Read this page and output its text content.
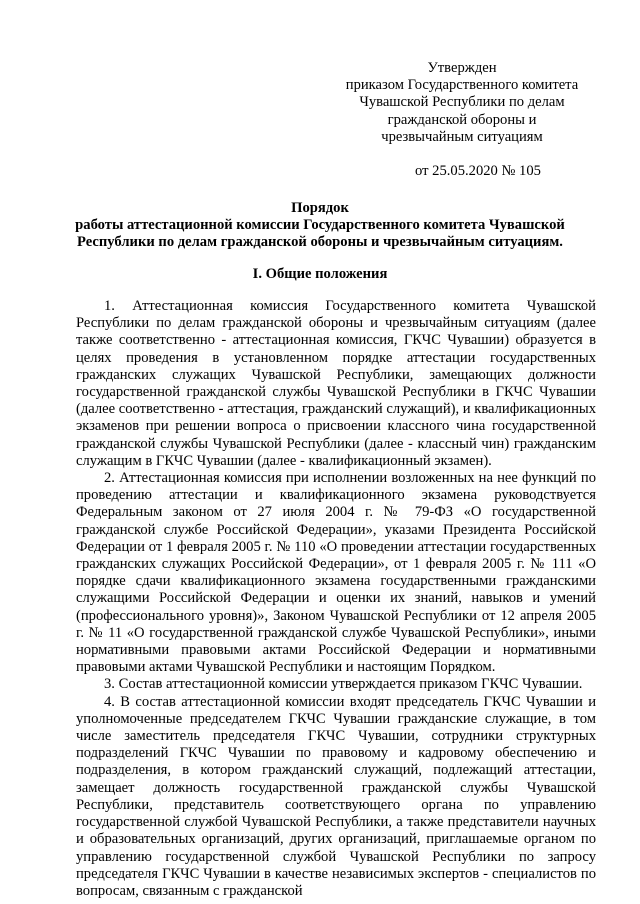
Утвержден
приказом Государственного комитета
Чувашской Республики по делам
гражданской обороны и
чрезвычайным ситуациям
от 25.05.2020 № 105
Порядок
работы аттестационной комиссии Государственного комитета Чувашской
Республики по делам гражданской обороны и чрезвычайным ситуациям.
I. Общие положения

1. Аттестационная комиссия Государственного комитета Чувашской Республики по делам гражданской обороны и чрезвычайным ситуациям (далее также соответственно - аттестационная комиссия, ГКЧС Чувашии) образуется в целях проведения в установленном порядке аттестации государственных гражданских служащих Чувашской Республики, замещающих должности государственной гражданской службы Чувашской Республики в ГКЧС Чувашии (далее соответственно - аттестация, гражданский служащий), и квалификационных экзаменов при решении вопроса о присвоении классного чина государственной гражданской службы Чувашской Республики (далее - классный чин) гражданским служащим в ГКЧС Чувашии (далее - квалификационный экзамен).

2. Аттестационная комиссия при исполнении возложенных на нее функций по проведению аттестации и квалификационного экзамена руководствуется Федеральным законом от 27 июля 2004 г. № 79-ФЗ «О государственной гражданской службе Российской Федерации», указами Президента Российской Федерации от 1 февраля 2005 г. № 110 «О проведении аттестации государственных гражданских служащих Российской Федерации», от 1 февраля 2005 г. № 111 «О порядке сдачи квалификационного экзамена государственными гражданскими служащими Российской Федерации и оценки их знаний, навыков и умений (профессионального уровня)», Законом Чувашской Республики от 12 апреля 2005 г. № 11 «О государственной гражданской службе Чувашской Республики», иными нормативными правовыми актами Российской Федерации и нормативными правовыми актами Чувашской Республики и настоящим Порядком.

3. Состав аттестационной комиссии утверждается приказом ГКЧС Чувашии.

4. В состав аттестационной комиссии входят председатель ГКЧС Чувашии и уполномоченные председателем ГКЧС Чувашии гражданские служащие, в том числе заместитель председателя ГКЧС Чувашии, сотрудники структурных подразделений ГКЧС Чувашии по правовому и кадровому обеспечению и подразделения, в котором гражданский служащий, подлежащий аттестации, замещает должность государственной гражданской службы Чувашской Республики, представитель соответствующего органа по управлению государственной службой Чувашской Республики, а также представители научных и образовательных организаций, других организаций, приглашаемые органом по управлению государственной службой Чувашской Республики по запросу председателя ГКЧС Чувашии в качестве независимых экспертов - специалистов по вопросам, связанным с гражданской
